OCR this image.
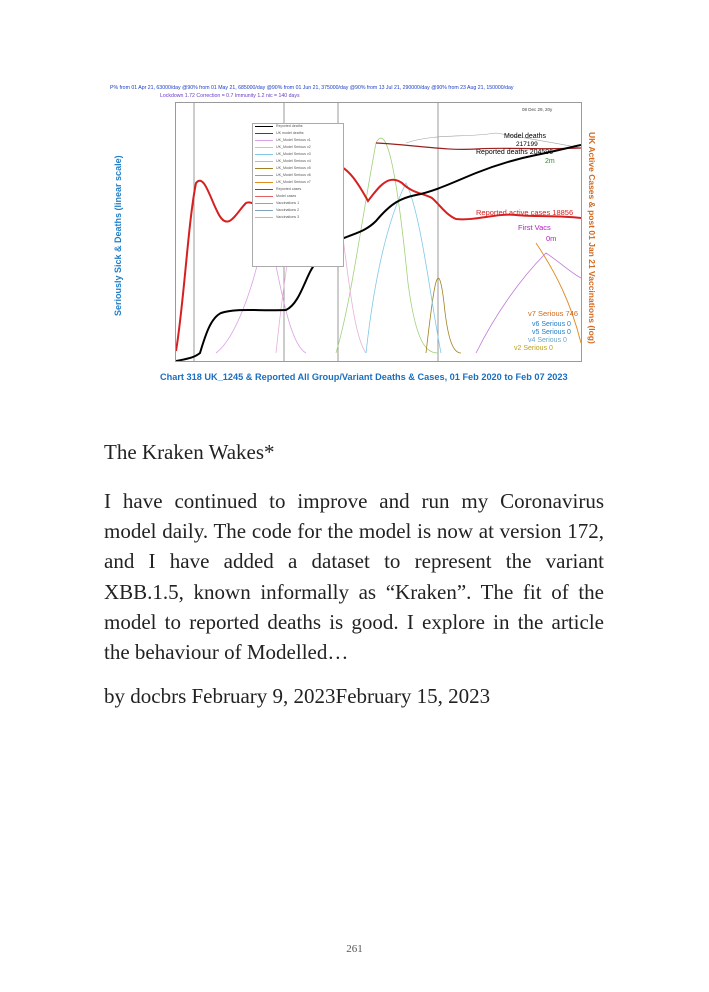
P% from 01 Apr 21, 63000/day @90% from 01 May 21, 685000/day @90% from 01 Jun 21, 375000/day @90% from 13 Jul 21, 290000/day @90% from 23 Aug 21, 150000/day
Lockdown 1.72 Correction = 0.7 Immunity 1.2 nic = 140 days
Seriously Sick & Deaths (linear scale)	UK Active Cases & post 01 Jan 21 Vaccinations (log)
Reported deaths
UK model deaths
UK_Model Serious v1
UK_Model Serious v2
UK_Model Serious v3
UK_Model Serious v4
UK_Model Serious v5
UK_Model Serious v6
UK_Model Serious v7
Reported cases
Model cases
Vaccinations 1
Vaccinations 2
Vaccinations 3
Model deaths
217199
Reported deaths 204596
2m
Reported active cases 18856
First Vacs
0m
v7 Serious 746
v6 Serious 0
v5 Serious 0
v4 Serious 0
v2 Serious 0
08 Dec 29, 20y
Chart 318 UK_1245 & Reported All Group/Variant Deaths & Cases, 01 Feb 2020 to Feb 07 2023
The Kraken Wakes*
I have continued to improve and run my Coronavirus model daily. The code for the model is now at version 172, and I have added a dataset to represent the variant XBB.1.5, known informally as “Kraken”. The fit of the model to reported deaths is good. I explore in the article the behaviour of Modelled…
by docbrs February 9, 2023February 15, 2023
261
